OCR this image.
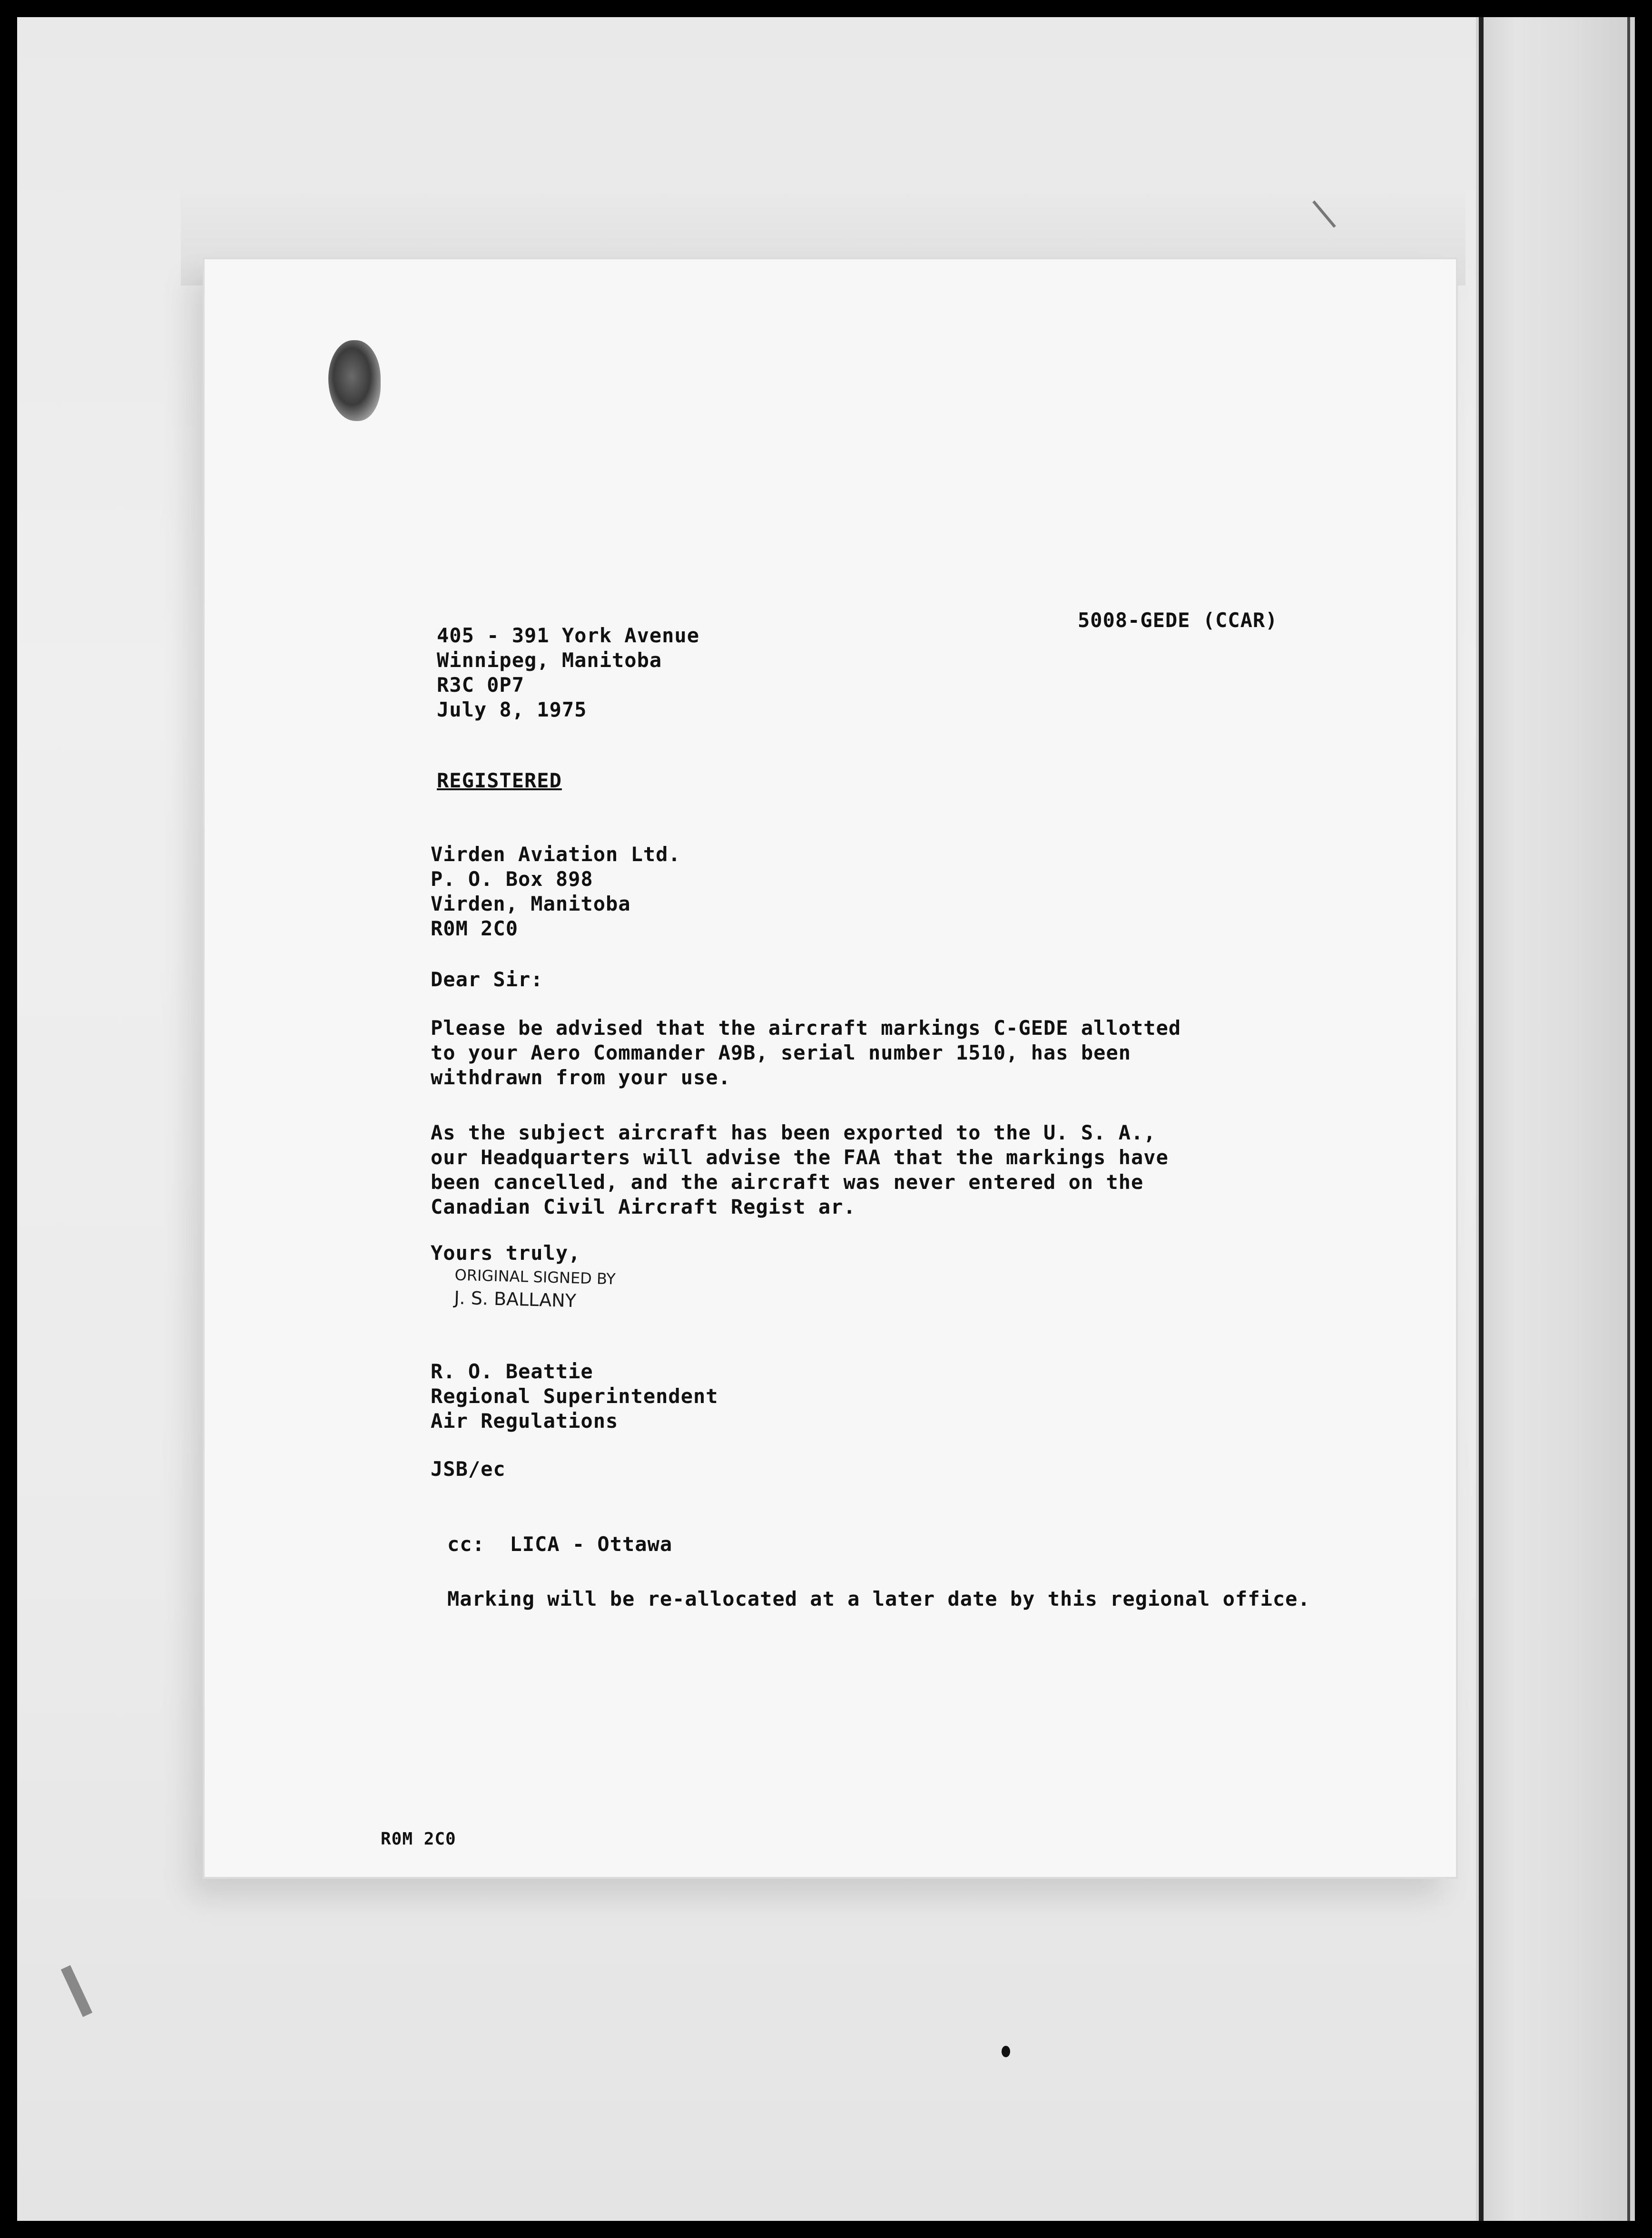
5008-GEDE (CCAR)
405 - 391 York Avenue
Winnipeg, Manitoba
R3C 0P7
July 8, 1975
REGISTERED
Virden Aviation Ltd.
P. O. Box 898
Virden, Manitoba
R0M 2C0
Dear Sir:
Please be advised that the aircraft markings C-GEDE allotted
to your Aero Commander A9B, serial number 1510, has been
withdrawn from your use.
As the subject aircraft has been exported to the U. S. A.,
our Headquarters will advise the FAA that the markings have
been cancelled, and the aircraft was never entered on the
Canadian Civil Aircraft Regist ar.
Yours truly,
ORIGINAL SIGNED BY
J. S. BALLANY
R. O. Beattie
Regional Superintendent
Air Regulations
JSB/ec
cc:  LICA - Ottawa
Marking will be re-allocated at a later date by this regional office.
R0M 2C0
